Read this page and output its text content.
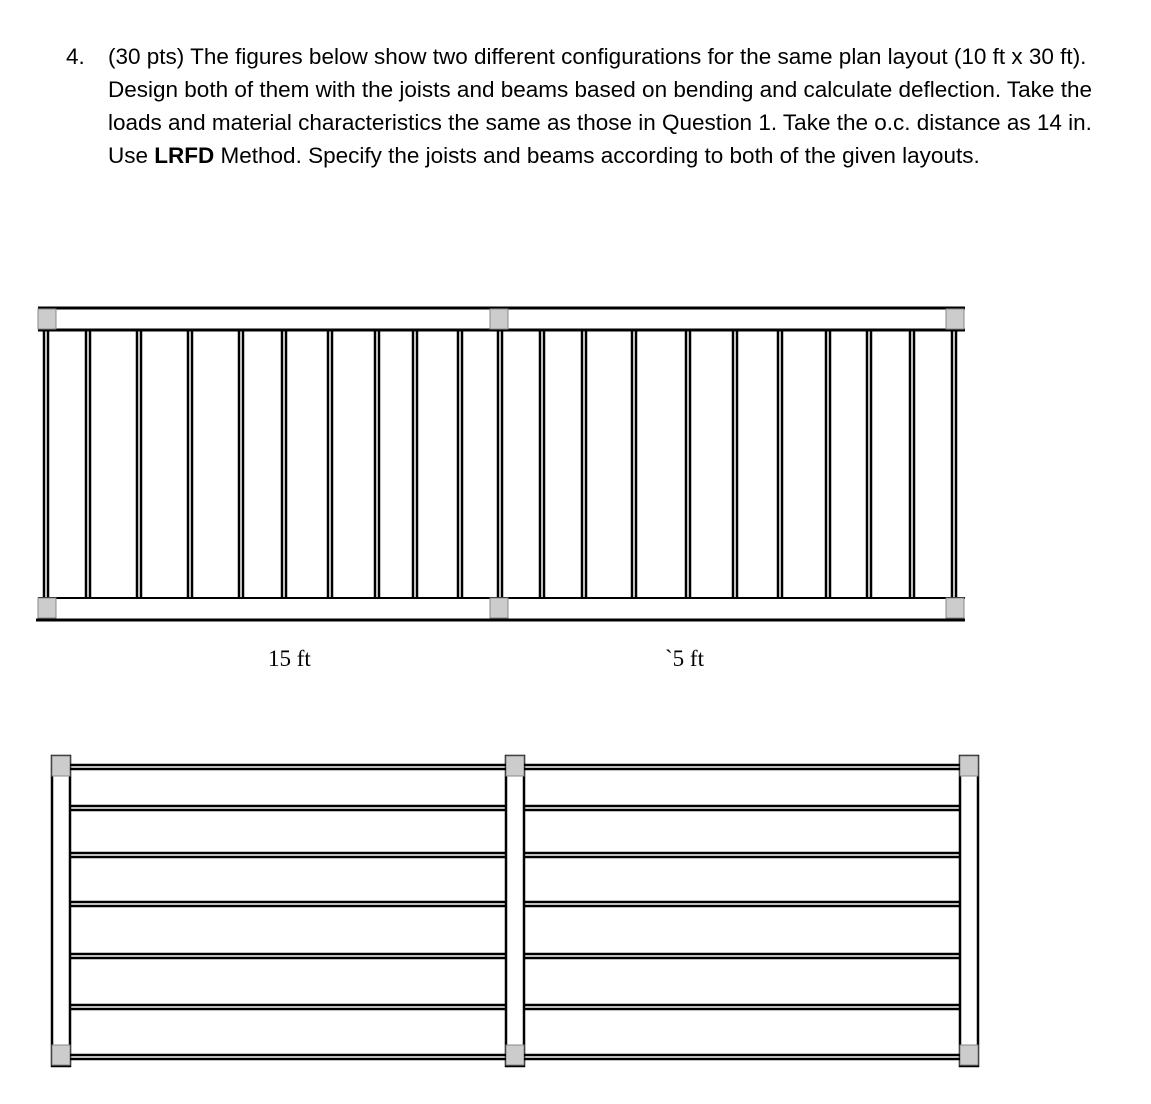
4. (30 pts) The figures below show two different configurations for the same plan layout (10 ft x 30 ft). Design both of them with the joists and beams based on bending and calculate deflection. Take the loads and material characteristics the same as those in Question 1. Take the o.c. distance as 14 in. Use LRFD Method. Specify the joists and beams according to both of the given layouts.
15 ft	`5 ft
